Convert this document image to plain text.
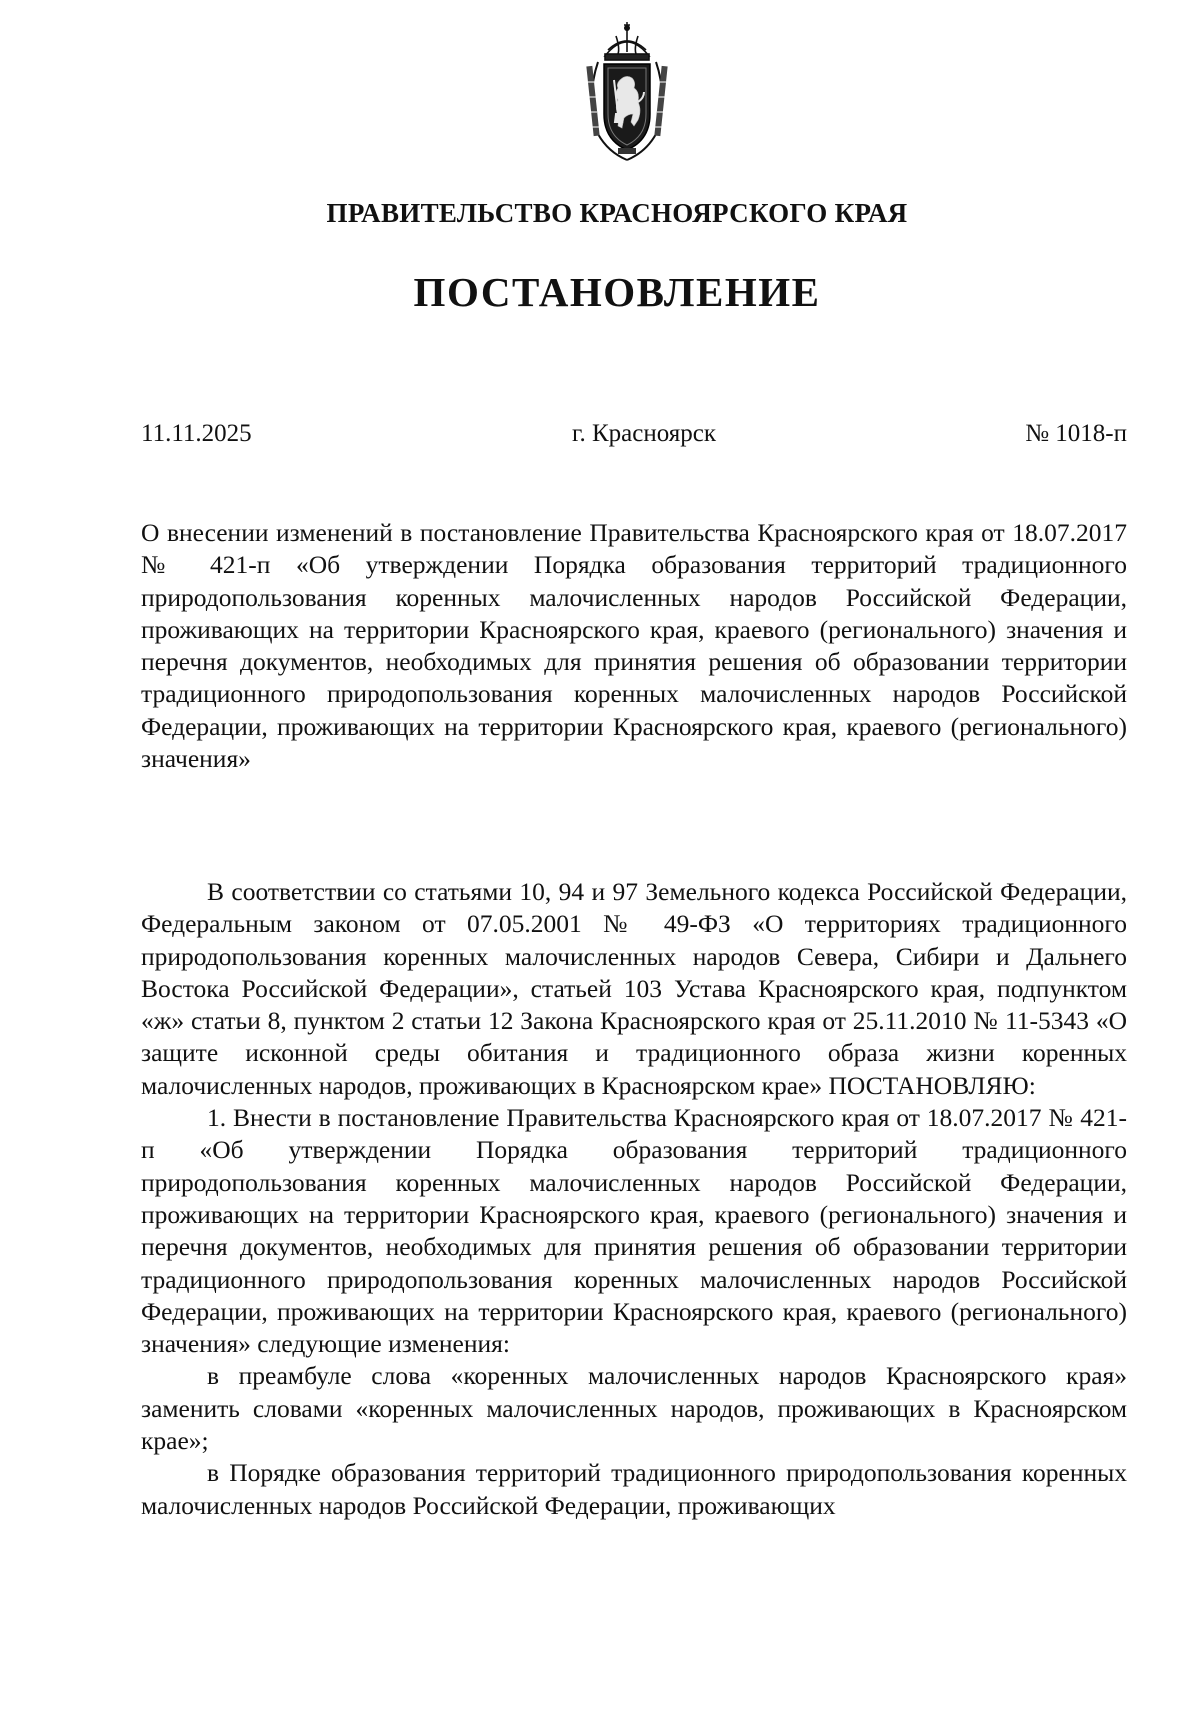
ПРАВИТЕЛЬСТВО КРАСНОЯРСКОГО КРАЯ
ПОСТАНОВЛЕНИЕ
11.11.2025	г. Красноярск	№ 1018-п

О внесении изменений в постановление Правительства Красноярского края от 18.07.2017 № 421-п «Об утверждении Порядка образования территорий традиционного природопользования коренных малочисленных народов Российской Федерации, проживающих на территории Красноярского края, краевого (регионального) значения и перечня документов, необходимых для принятия решения об образовании территории традиционного природопользования коренных малочисленных народов Российской Федерации, проживающих на территории Красноярского края, краевого (регионального) значения»

В соответствии со статьями 10, 94 и 97 Земельного кодекса Российской Федерации, Федеральным законом от 07.05.2001 № 49-ФЗ «О территориях традиционного природопользования коренных малочисленных народов Севера, Сибири и Дальнего Востока Российской Федерации», статьей 103 Устава Красноярского края, подпунктом «ж» статьи 8, пунктом 2 статьи 12 Закона Красноярского края от 25.11.2010 № 11-5343 «О защите исконной среды обитания и традиционного образа жизни коренных малочисленных народов, проживающих в Красноярском крае» ПОСТАНОВЛЯЮ:

1. Внести в постановление Правительства Красноярского края от 18.07.2017 № 421-п «Об утверждении Порядка образования территорий традиционного природопользования коренных малочисленных народов Российской Федерации, проживающих на территории Красноярского края, краевого (регионального) значения и перечня документов, необходимых для принятия решения об образовании территории традиционного природопользования коренных малочисленных народов Российской Федерации, проживающих на территории Красноярского края, краевого (регионального) значения» следующие изменения:

в преамбуле слова «коренных малочисленных народов Красноярского края» заменить словами «коренных малочисленных народов, проживающих в Красноярском крае»;

в Порядке образования территорий традиционного природопользования коренных малочисленных народов Российской Федерации, проживающих
